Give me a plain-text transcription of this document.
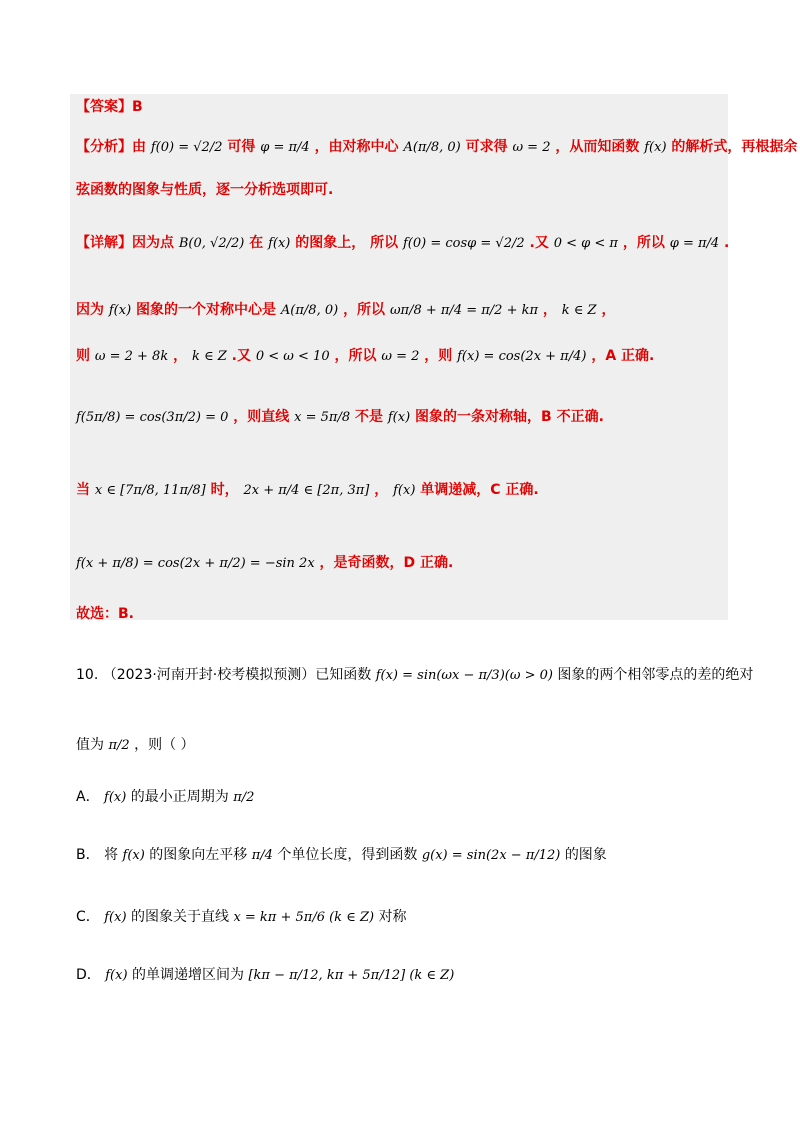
【答案】B
【分析】由 f(0) = √2/2 可得 φ = π/4 ，由对称中心 A(π/8, 0) 可求得 ω = 2 ，从而知函数 f(x) 的解析式，再根据余
弦函数的图象与性质，逐一分析选项即可.
【详解】因为点 B(0, √2/2) 在 f(x) 的图象上， 所以 f(0) = cosφ = √2/2 .又 0 < φ < π ，所以 φ = π/4 .
因为 f(x) 图象的一个对称中心是 A(π/8, 0) ，所以 ωπ/8 + π/4 = π/2 + kπ ， k ∈ Z ，
则 ω = 2 + 8k ， k ∈ Z .又 0 < ω < 10 ，所以 ω = 2 ，则 f(x) = cos(2x + π/4) ，A 正确.
f(5π/8) = cos(3π/2) = 0 ，则直线 x = 5π/8 不是 f(x) 图象的一条对称轴，B 不正确.
当 x ∈ [7π/8, 11π/8] 时， 2x + π/4 ∈ [2π, 3π] ， f(x) 单调递减，C 正确.
f(x + π/8) = cos(2x + π/2) = −sin 2x ，是奇函数，D 正确.
故选：B.
10. （2023·河南开封·校考模拟预测）已知函数 f(x) = sin(ωx − π/3)(ω > 0) 图象的两个相邻零点的差的绝对
值为 π/2 ，则（ ）
A． f(x) 的最小正周期为 π/2
B． 将 f(x) 的图象向左平移 π/4 个单位长度，得到函数 g(x) = sin(2x − π/12) 的图象
C． f(x) 的图象关于直线 x = kπ + 5π/6 (k ∈ Z) 对称
D． f(x) 的单调递增区间为 [kπ − π/12, kπ + 5π/12] (k ∈ Z)
